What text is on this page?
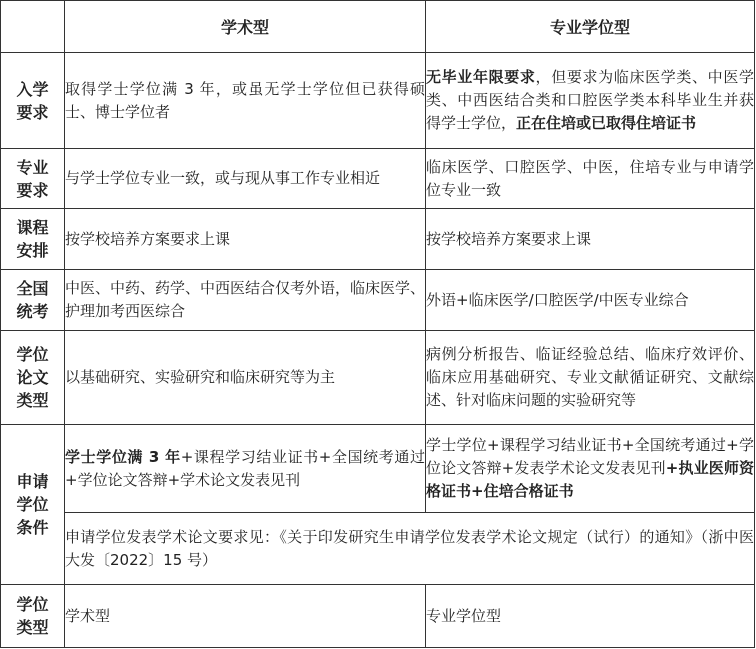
	学术型	专业学位型

入学
要求	取得学士学位满 3 年，或虽无学士学位但已获得硕士、博士学位者	无毕业年限要求，但要求为临床医学类、中医学类、中西医结合类和口腔医学类本科毕业生并获得学士学位，正在住培或已取得住培证书

专业
要求	与学士学位专业一致，或与现从事工作专业相近	临床医学、口腔医学、中医，住培专业与申请学位专业一致

课程
安排	按学校培养方案要求上课	按学校培养方案要求上课

全国
统考	中医、中药、药学、中西医结合仅考外语，临床医学、护理加考西医综合	外语+临床医学/口腔医学/中医专业综合

学位
论文
类型	以基础研究、实验研究和临床研究等为主	病例分析报告、临证经验总结、临床疗效评价、临床应用基础研究、专业文献循证研究、文献综述、针对临床问题的实验研究等

申请
学位
条件	学士学位满 3 年+课程学习结业证书+全国统考通过+学位论文答辩+学术论文发表见刊	学士学位+课程学习结业证书+全国统考通过+学位论文答辩+发表学术论文发表见刊+执业医师资格证书+住培合格证书
	申请学位发表学术论文要求见：《关于印发研究生申请学位发表学术论文规定（试行）的通知》（浙中医大发〔2022〕15 号）	

学位
类型	学术型	专业学位型
